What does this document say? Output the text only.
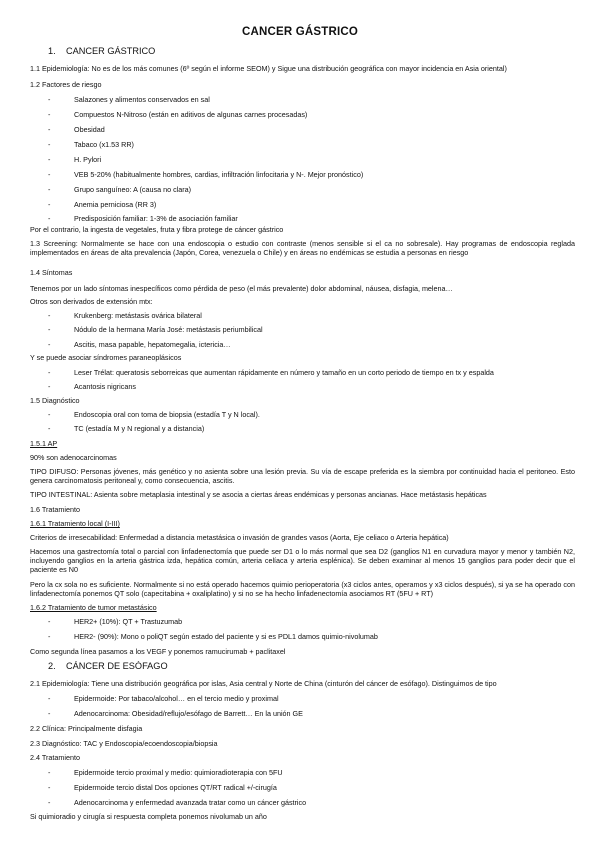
CANCER GÁSTRICO
1. CANCER GÁSTRICO
1.1 Epidemiología: No es de los más comunes (6º según el informe SEOM) y Sigue una distribución geográfica con mayor incidencia en Asia oriental)
1.2 Factores de riesgo
-	Salazones y alimentos conservados en sal
-	Compuestos N-Nitroso (están en aditivos de algunas carnes procesadas)
-	Obesidad
-	Tabaco (x1.53 RR)
-	H. Pylori
-	VEB 5-20% (habitualmente hombres, cardias, infiltración linfocitaria y N-. Mejor pronóstico)
-	Grupo sanguíneo: A (causa no clara)
-	Anemia perniciosa (RR 3)
-	Predisposición familiar: 1-3% de asociación familiar
Por el contrario, la ingesta de vegetales, fruta y fibra protege de cáncer gástrico
1.3 Screening: Normalmente se hace con una endoscopia o estudio con contraste (menos sensible si el ca no sobresale). Hay programas de endoscopia reglada implementados en áreas de alta prevalencia (Japón, Corea, venezuela o Chile) y en áreas no endémicas se estudia a personas en riesgo
1.4 Síntomas
Tenemos por un lado síntomas inespecíficos como pérdida de peso (el más prevalente) dolor abdominal, náusea, disfagia, melena…
Otros son derivados de extensión mtx:
-	Krukenberg: metástasis ovárica bilateral
-	Nódulo de la hermana María José: metástasis periumbilical
-	Ascitis, masa papable, hepatomegalia, ictericia…
Y se puede asociar síndromes paraneoplásicos
-	Leser Trélat: queratosis seborreicas que aumentan rápidamente en número y tamaño en un corto periodo de tiempo en tx y espalda
-	Acantosis nigricans
1.5 Diagnóstico
-	Endoscopia oral con toma de biopsia (estadía T y N local).
-	TC (estadía M y N regional y a distancia)
1.5.1 AP
90% son adenocarcinomas
TIPO DIFUSO: Personas jóvenes, más genético y no asienta sobre una lesión previa. Su vía de escape preferida es la siembra por continuidad hacia el peritoneo. Esto genera carcinomatosis peritoneal y, como consecuencia, ascitis.
TIPO INTESTINAL: Asienta sobre metaplasia intestinal y se asocia a ciertas áreas endémicas y personas ancianas. Hace metástasis hepáticas
1.6 Tratamiento
1.6.1 Tratamiento local (I-III)
Criterios de irresecabilidad: Enfermedad a distancia metastásica o invasión de grandes vasos (Aorta, Eje celiaco o Arteria hepática)
Hacemos una gastrectomía total o parcial con linfadenectomía que puede ser D1 o lo más normal que sea D2 (ganglios N1 en curvadura mayor y menor y también N2, incluyendo ganglios en la arteria gástrica izda, hepática común, arteria celíaca y arteria esplénica). Se deben examinar al menos 15 ganglios para poder decir que el paciente es N0
Pero la cx sola no es suficiente. Normalmente si no está operado hacemos quimio perioperatoria (x3 ciclos antes, operamos y x3 ciclos después), si ya se ha operado con linfadenectomía ponemos QT solo (capecitabina + oxaliplatino) y si no se ha hecho linfadenectomía asociamos RT (5FU + RT)
1.6.2 Tratamiento de tumor metastásico
-	HER2+ (10%): QT + Trastuzumab
-	HER2- (90%): Mono o poliQT según estado del paciente y si es PDL1 damos quimio-nivolumab
Como segunda línea pasamos a los VEGF y ponemos ramucirumab + paclitaxel
2. CÁNCER DE ESÓFAGO
2.1 Epidemiología: Tiene una distribución geográfica por islas, Asia central y Norte de China (cinturón del cáncer de esófago). Distinguimos de tipo
-	Epidermoide: Por tabaco/alcohol… en el tercio medio y proximal
-	Adenocarcinoma: Obesidad/reflujo/esófago de Barrett… En la unión GE
2.2 Clínica: Principalmente disfagia
2.3 Diagnóstico: TAC y Endoscopia/ecoendoscopia/biopsia
2.4 Tratamiento
-	Epidermoide tercio proximal y medio: quimioradioterapia con 5FU
-	Epidermoide tercio distal Dos opciones QT/RT radical +/-cirugía
-	Adenocarcinoma y enfermedad avanzada tratar como un cáncer gástrico
Si quimioradio y cirugía si respuesta completa ponemos nivolumab un año
